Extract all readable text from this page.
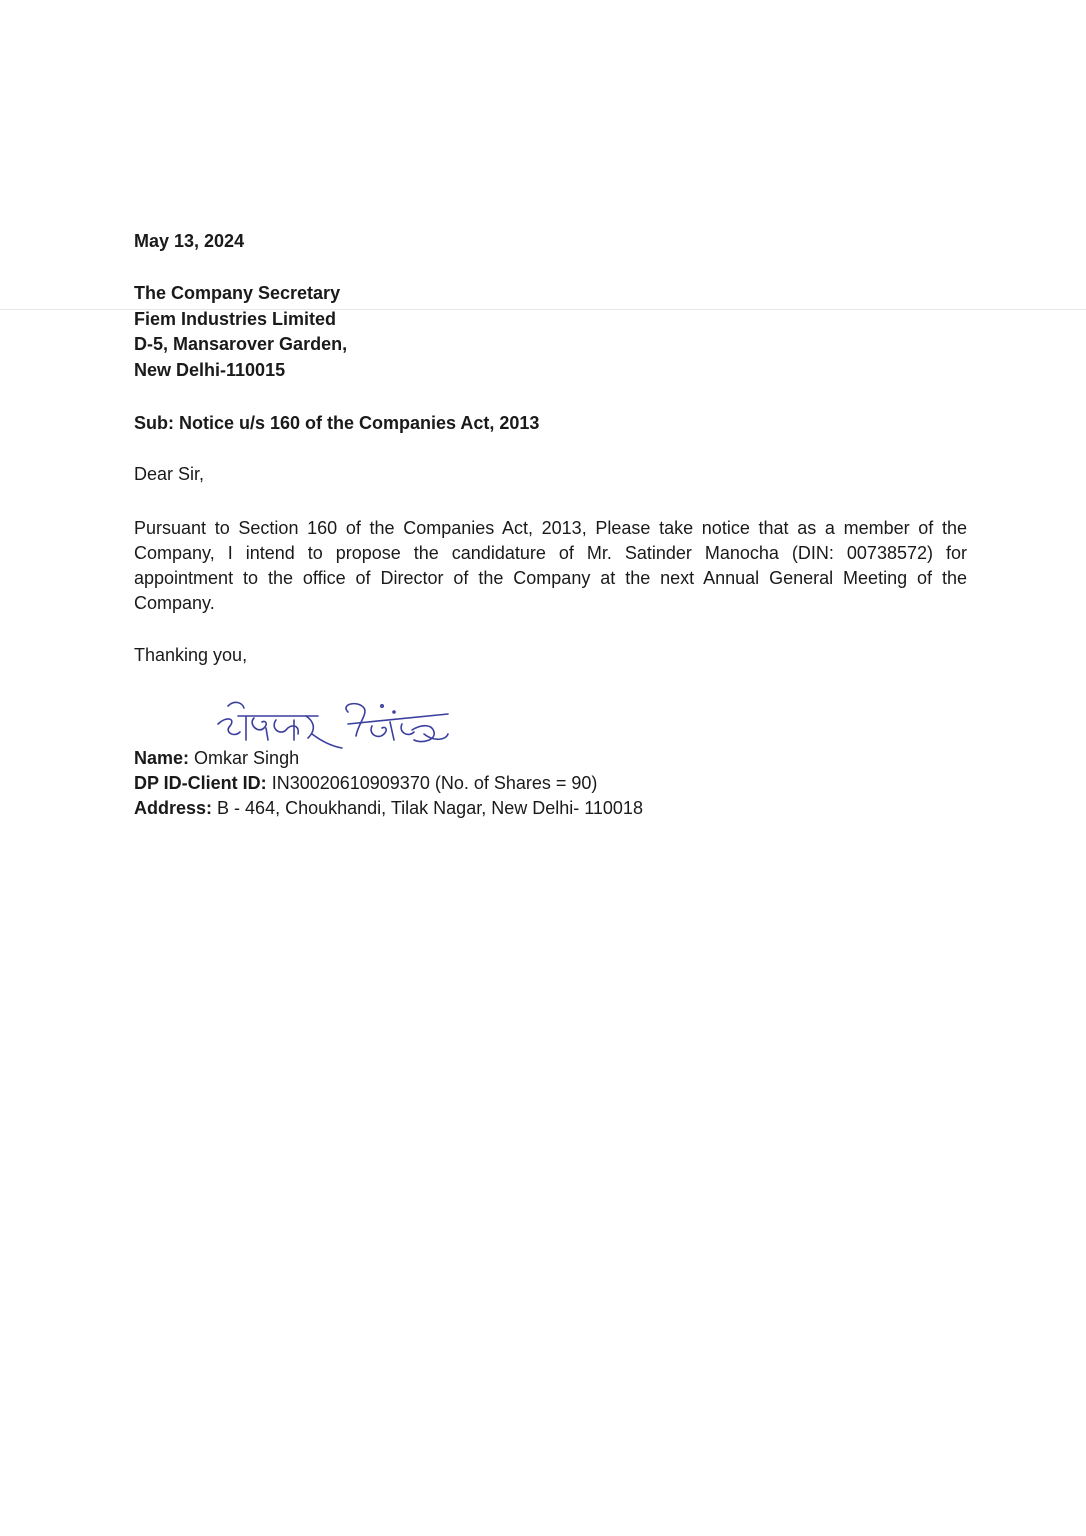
May 13, 2024
The Company Secretary
Fiem Industries Limited
D-5, Mansarover Garden,
New Delhi-110015
Sub: Notice u/s 160 of the Companies Act, 2013
Dear Sir,
Pursuant to Section 160 of the Companies Act, 2013, Please take notice that as a member of the Company, I intend to propose the candidature of Mr. Satinder Manocha (DIN: 00738572) for appointment to the office of Director of the Company at the next Annual General Meeting of the Company.
Thanking you,
Name: Omkar Singh
DP ID-Client ID: IN30020610909370 (No. of Shares = 90)
Address: B - 464, Choukhandi, Tilak Nagar, New Delhi- 110018
